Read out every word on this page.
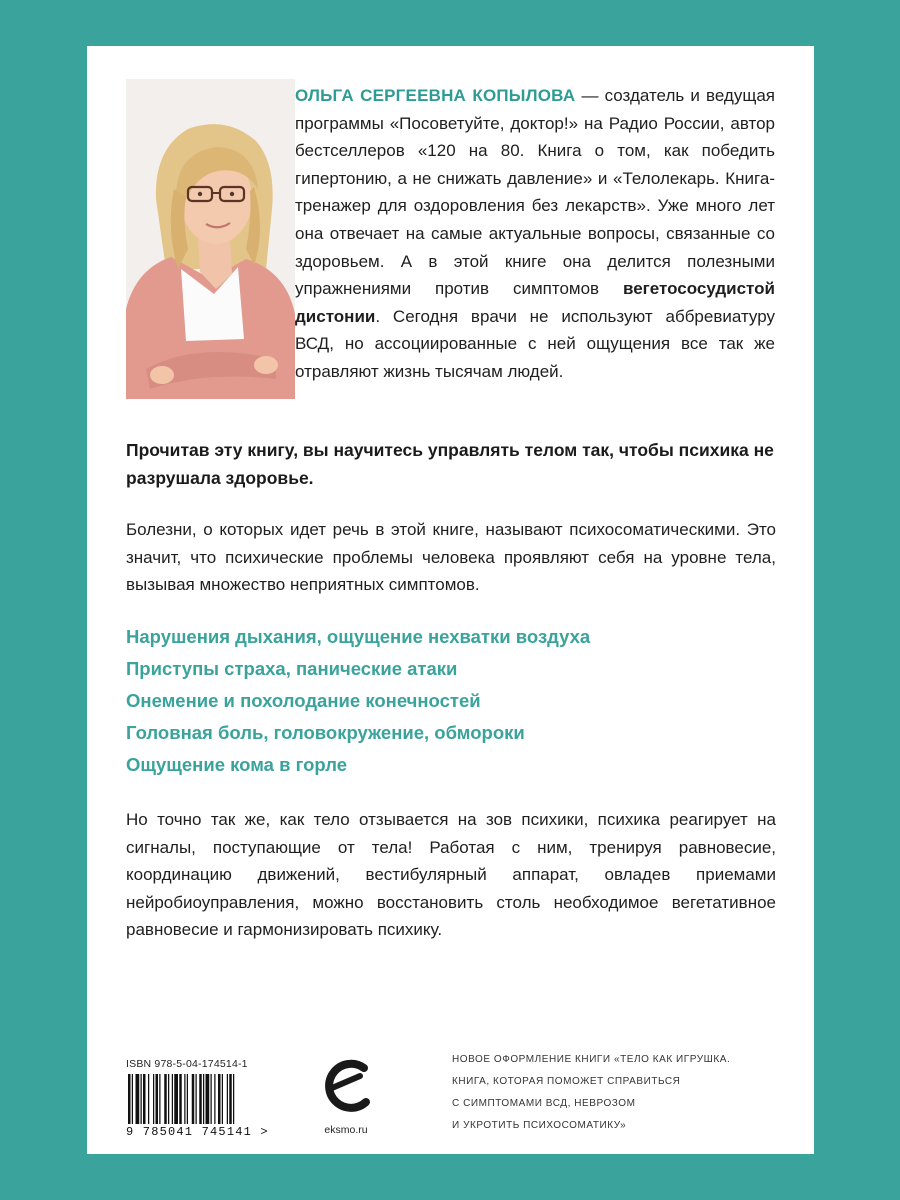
ОЛЬГА СЕРГЕЕВНА КОПЫЛОВА — создатель и ведущая программы «Посоветуйте, доктор!» на Радио России, автор бестселлеров «120 на 80. Книга о том, как победить гипертонию, а не снижать давление» и «Телолекарь. Книга-тренажер для оздоровления без лекарств». Уже много лет она отвечает на самые актуальные вопросы, связанные со здоровьем. А в этой книге она делится полезными упражнениями против симптомов вегетососудистой дистонии. Сегодня врачи не используют аббревиатуру ВСД, но ассоциированные с ней ощущения все так же отравляют жизнь тысячам людей.
Прочитав эту книгу, вы научитесь управлять телом так, чтобы психика не разрушала здоровье.
Болезни, о которых идет речь в этой книге, называют психосоматическими. Это значит, что психические проблемы человека проявляют себя на уровне тела, вызывая множество неприятных симптомов.
Нарушения дыхания, ощущение нехватки воздуха
Приступы страха, панические атаки
Онемение и похолодание конечностей
Головная боль, головокружение, обмороки
Ощущение кома в горле
Но точно так же, как тело отзывается на зов психики, психика реагирует на сигналы, поступающие от тела! Работая с ним, тренируя равновесие, координацию движений, вестибулярный аппарат, овладев приемами нейробиоуправления, можно восстановить столь необходимое вегетативное равновесие и гармонизировать психику.
ISBN 978-5-04-174514-1
9 785041 745141 >	eksmo.ru
НОВОЕ ОФОРМЛЕНИЕ КНИГИ «ТЕЛО КАК ИГРУШКА.
КНИГА, КОТОРАЯ ПОМОЖЕТ СПРАВИТЬСЯ
С СИМПТОМАМИ ВСД, НЕВРОЗОМ
И УКРОТИТЬ ПСИХОСОМАТИКУ»
